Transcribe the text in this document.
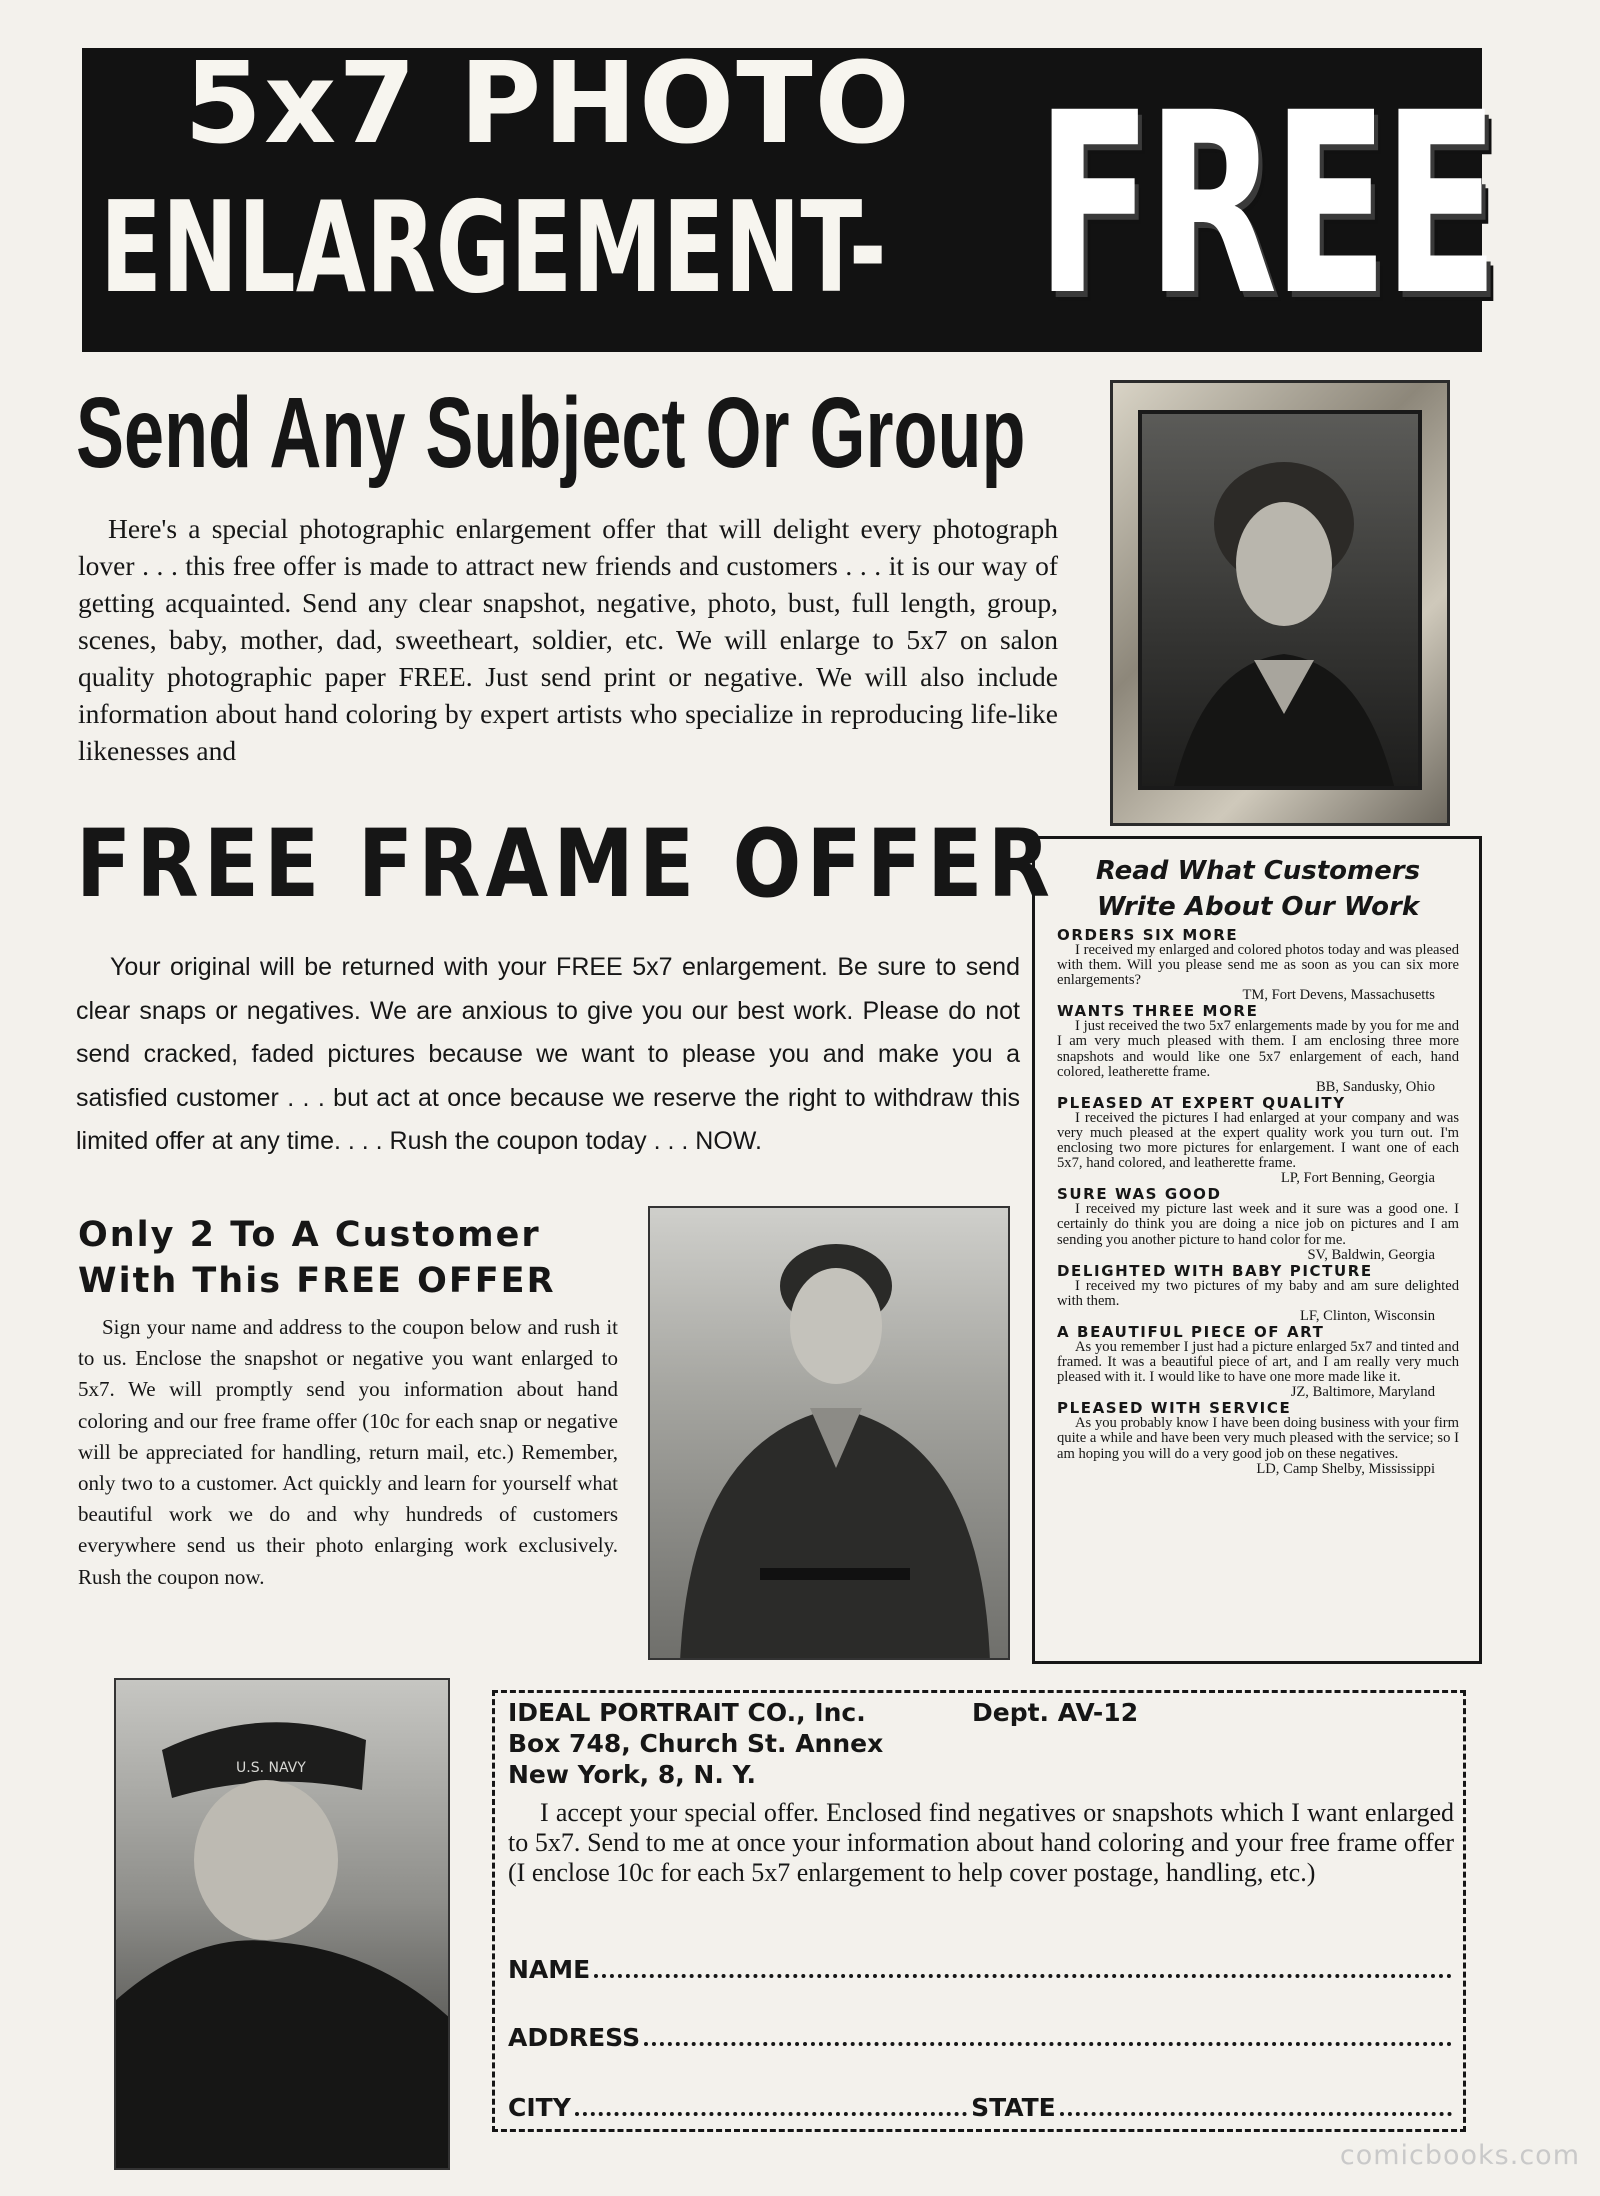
5x7 PHOTO
ENLARGEMENT- FREE
Send Any Subject Or Group
Here's a special photographic enlargement offer that will delight every photograph lover . . . this free offer is made to attract new friends and customers . . . it is our way of getting acquainted. Send any clear snapshot, negative, photo, bust, full length, group, scenes, baby, mother, dad, sweetheart, soldier, etc. We will enlarge to 5x7 on salon quality photographic paper FREE. Just send print or negative. We will also include information about hand coloring by expert artists who specialize in reproducing life-like likenesses and
FREE FRAME OFFER
Your original will be returned with your FREE 5x7 enlargement. Be sure to send clear snaps or negatives. We are anxious to give you our best work. Please do not send cracked, faded pictures because we want to please you and make you a satisfied customer . . . but act at once because we reserve the right to withdraw this limited offer at any time. . . . Rush the coupon today . . . NOW.
Only 2 To A Customer
With This FREE OFFER
Sign your name and address to the coupon below and rush it to us. Enclose the snapshot or negative you want enlarged to 5x7. We will promptly send you information about hand coloring and our free frame offer (10c for each snap or negative will be appreciated for handling, return mail, etc.) Remember, only two to a customer. Act quickly and learn for yourself what beautiful work we do and why hundreds of customers everywhere send us their photo enlarging work exclusively. Rush the coupon now.
U.S. NAVY
Read What Customers
Write About Our Work
ORDERS SIX MORE
I received my enlarged and colored photos today and was pleased with them. Will you please send me as soon as you can six more enlargements?
TM, Fort Devens, Massachusetts
WANTS THREE MORE
I just received the two 5x7 enlargements made by you for me and I am very much pleased with them. I am enclosing three more snapshots and would like one 5x7 enlargement of each, hand colored, leatherette frame.
BB, Sandusky, Ohio
PLEASED AT EXPERT QUALITY
I received the pictures I had enlarged at your company and was very much pleased at the expert quality work you turn out. I'm enclosing two more pictures for enlargement. I want one of each 5x7, hand colored, and leatherette frame.
LP, Fort Benning, Georgia
SURE WAS GOOD
I received my picture last week and it sure was a good one. I certainly do think you are doing a nice job on pictures and I am sending you another picture to hand color for me.
SV, Baldwin, Georgia
DELIGHTED WITH BABY PICTURE
I received my two pictures of my baby and am sure delighted with them.
LF, Clinton, Wisconsin
A BEAUTIFUL PIECE OF ART
As you remember I just had a picture enlarged 5x7 and tinted and framed. It was a beautiful piece of art, and I am really very much pleased with it. I would like to have one more made like it.
JZ, Baltimore, Maryland
PLEASED WITH SERVICE
As you probably know I have been doing business with your firm quite a while and have been very much pleased with the service; so I am hoping you will do a very good job on these negatives.
LD, Camp Shelby, Mississippi
IDEAL PORTRAIT CO., Inc.	Dept. AV-12
Box 748, Church St. Annex
New York, 8, N. Y.
I accept your special offer. Enclosed find negatives or snapshots which I want enlarged to 5x7. Send to me at once your information about hand coloring and your free frame offer (I enclose 10c for each 5x7 enlargement to help cover postage, handling, etc.)
NAME
ADDRESS
CITY	STATE
comicbooks.com
